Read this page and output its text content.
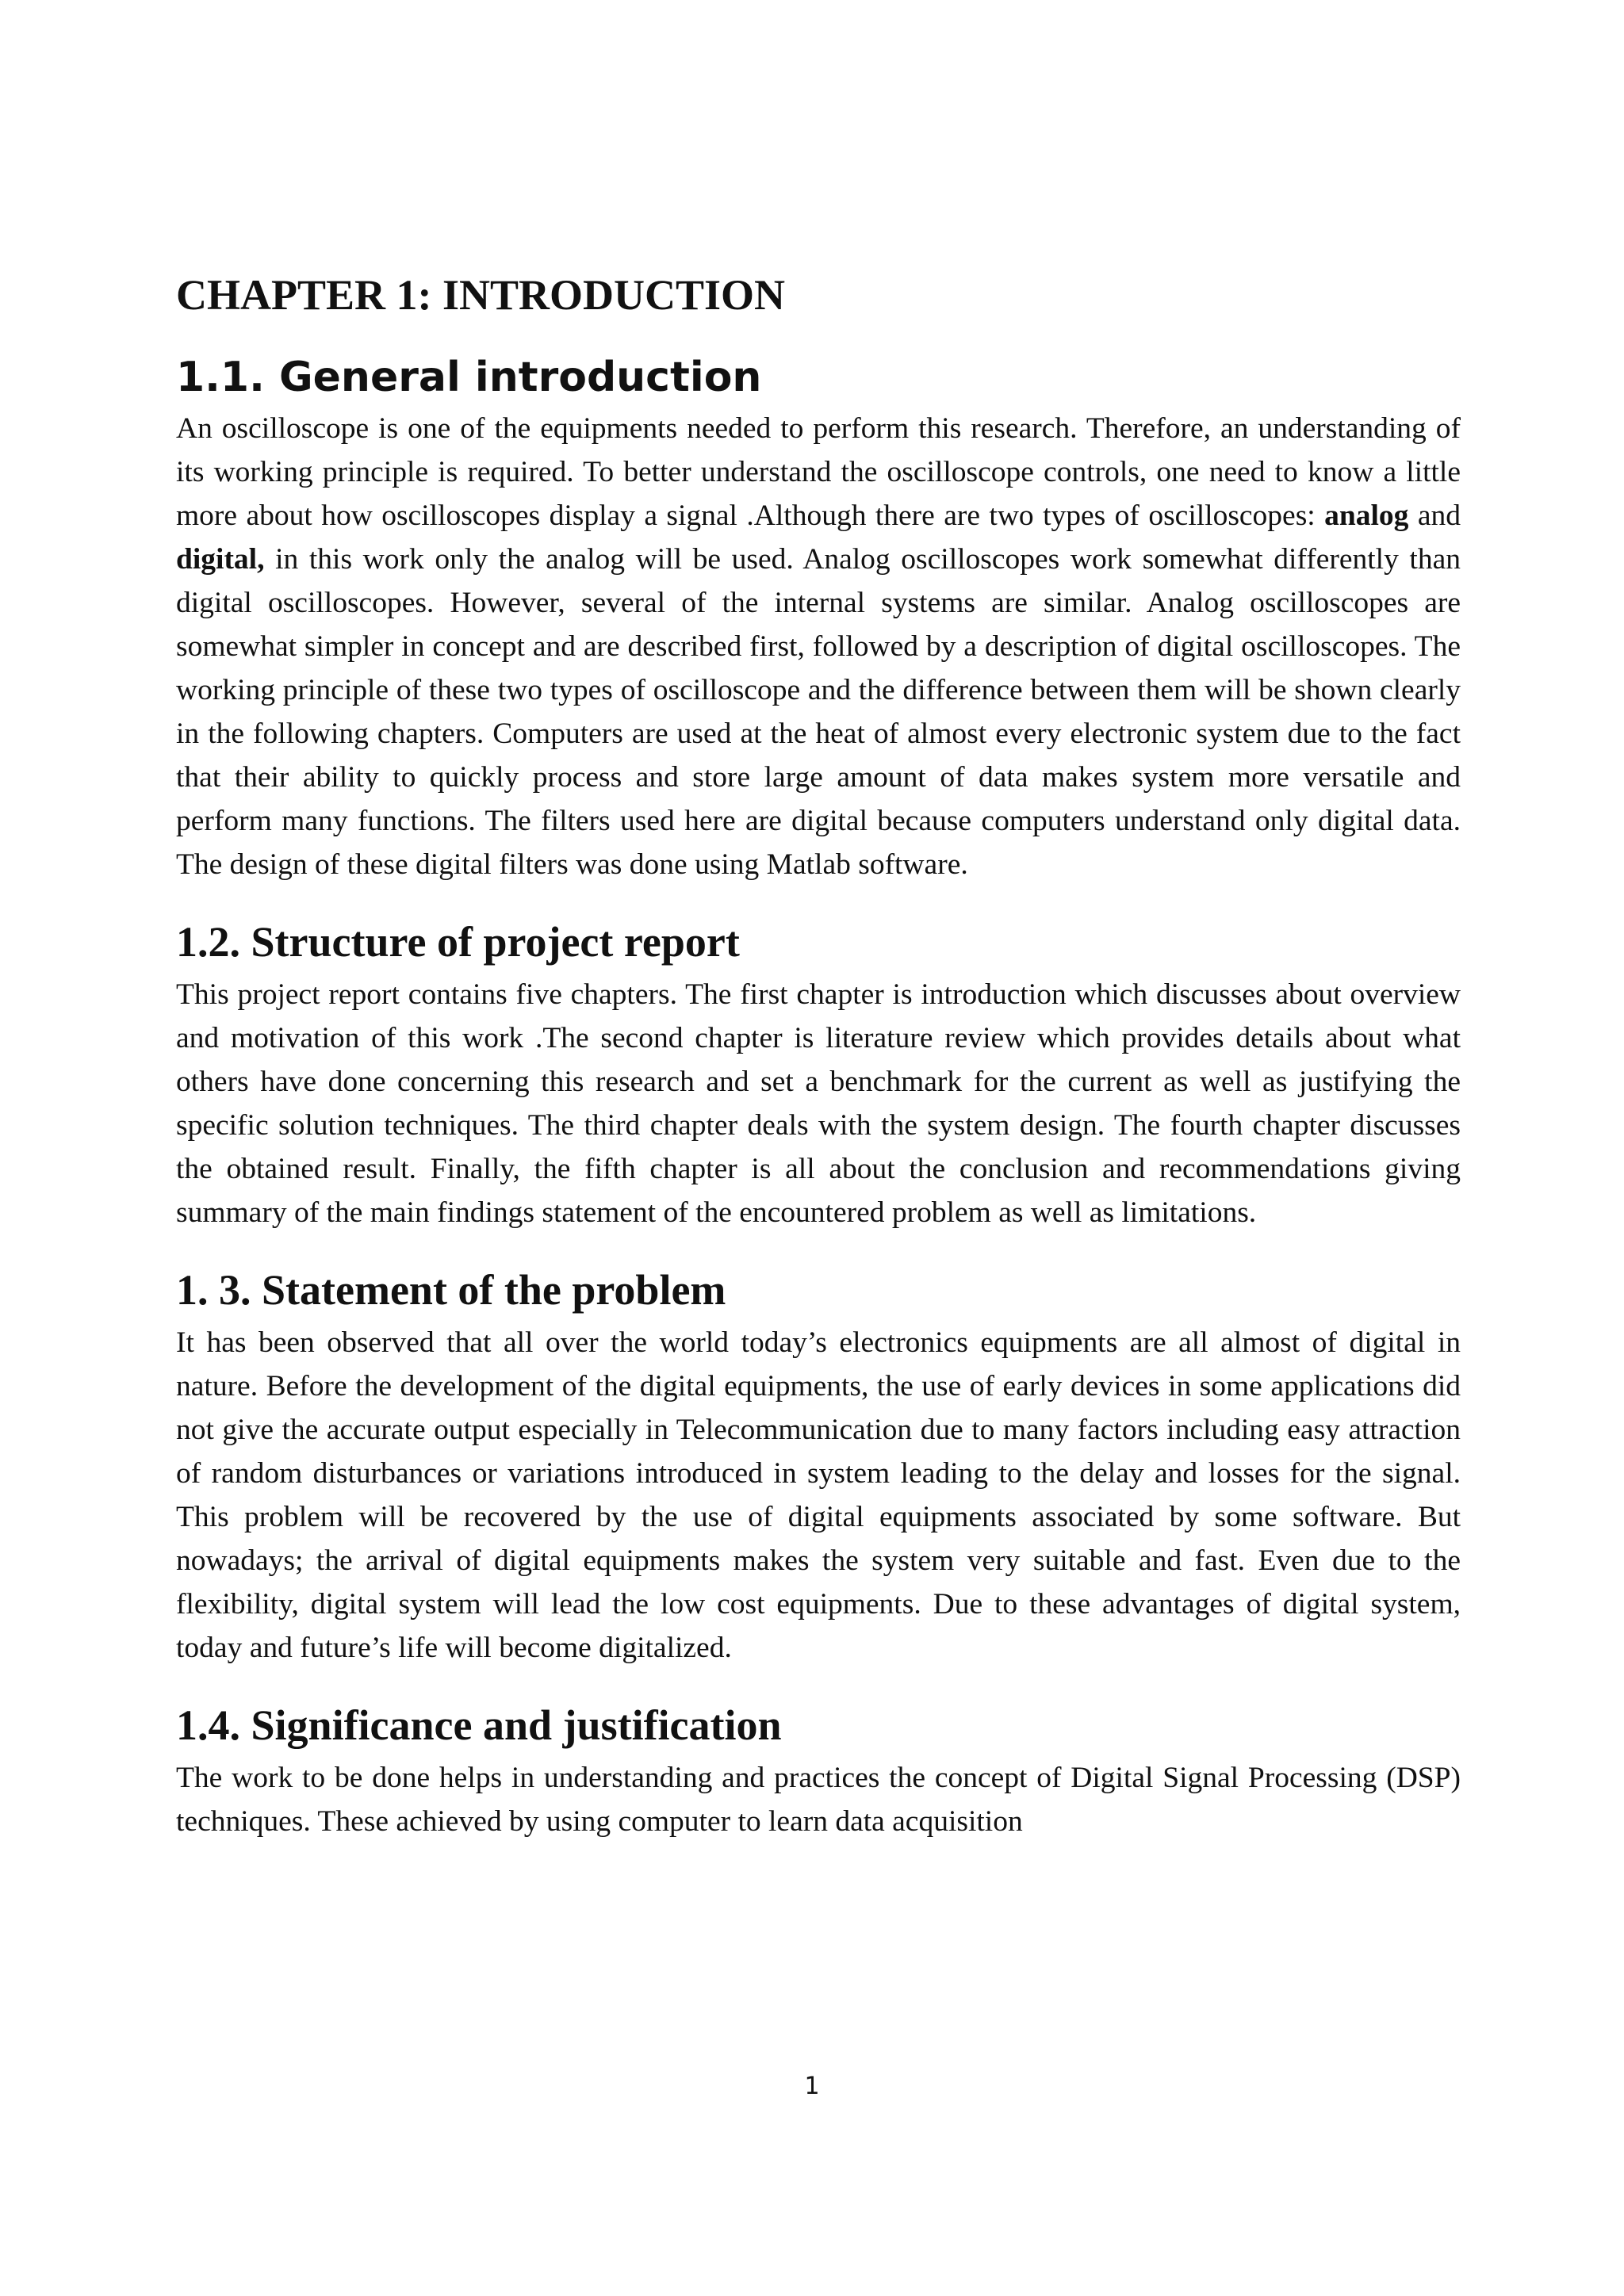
CHAPTER 1: INTRODUCTION
1.1. General introduction

An oscilloscope is one of the equipments needed to perform this research. Therefore, an understanding of its working principle is required. To better understand the oscilloscope controls, one need to know a little more about how oscilloscopes display a signal .Although there are two types of oscilloscopes: analog and digital, in this work only the analog will be used. Analog oscilloscopes work somewhat differently than digital oscilloscopes. However, several of the internal systems are similar. Analog oscilloscopes are somewhat simpler in concept and are described first, followed by a description of digital oscilloscopes. The working principle of these two types of oscilloscope and the difference between them will be shown clearly in the following chapters. Computers are used at the heat of almost every electronic system due to the fact that their ability to quickly process and store large amount of data makes system more versatile and perform many functions. The filters used here are digital because computers understand only digital data. The design of these digital filters was done using Matlab software.

1.2. Structure of project report

This project report contains five chapters. The first chapter is introduction which discusses about overview and motivation of this work .The second chapter is literature review which provides details about what others have done concerning this research and set a benchmark for the current as well as justifying the specific solution techniques. The third chapter deals with the system design. The fourth chapter discusses the obtained result. Finally, the fifth chapter is all about the conclusion and recommendations giving summary of the main findings statement of the encountered problem as well as limitations.

1. 3. Statement of the problem

It has been observed that all over the world today’s electronics equipments are all almost of digital in nature. Before the development of the digital equipments, the use of early devices in some applications did not give the accurate output especially in Telecommunication due to many factors including easy attraction of random disturbances or variations introduced in system leading to the delay and losses for the signal. This problem will be recovered by the use of digital equipments associated by some software. But nowadays; the arrival of digital equipments makes the system very suitable and fast. Even due to the flexibility, digital system will lead the low cost equipments. Due to these advantages of digital system, today and future’s life will become digitalized.

1.4. Significance and justification

The work to be done helps in understanding and practices the concept of Digital Signal Processing (DSP) techniques. These achieved by using computer to learn data acquisition

1
